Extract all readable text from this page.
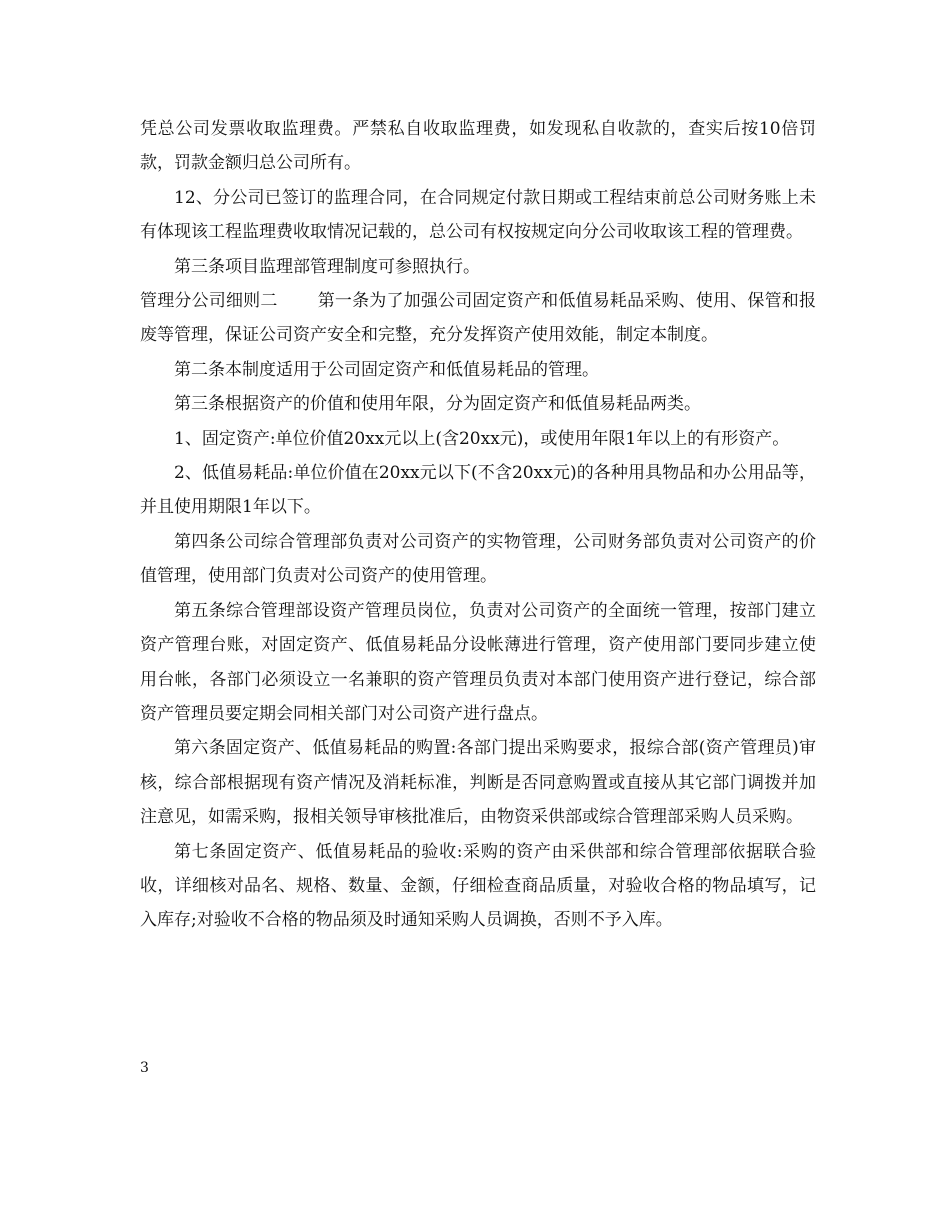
凭总公司发票收取监理费。严禁私自收取监理费，如发现私自收款的，查实后按10倍罚款，罚款金额归总公司所有。

12、分公司已签订的监理合同，在合同规定付款日期或工程结束前总公司财务账上未有体现该工程监理费收取情况记载的，总公司有权按规定向分公司收取该工程的管理费。

第三条项目监理部管理制度可参照执行。

管理分公司细则二 第一条为了加强公司固定资产和低值易耗品采购、使用、保管和报废等管理，保证公司资产安全和完整，充分发挥资产使用效能，制定本制度。

第二条本制度适用于公司固定资产和低值易耗品的管理。

第三条根据资产的价值和使用年限，分为固定资产和低值易耗品两类。

1、固定资产:单位价值20xx元以上(含20xx元)，或使用年限1年以上的有形资产。

2、低值易耗品:单位价值在20xx元以下(不含20xx元)的各种用具物品和办公用品等，并且使用期限1年以下。

第四条公司综合管理部负责对公司资产的实物管理，公司财务部负责对公司资产的价值管理，使用部门负责对公司资产的使用管理。

第五条综合管理部设资产管理员岗位，负责对公司资产的全面统一管理，按部门建立资产管理台账，对固定资产、低值易耗品分设帐薄进行管理，资产使用部门要同步建立使用台帐，各部门必须设立一名兼职的资产管理员负责对本部门使用资产进行登记，综合部资产管理员要定期会同相关部门对公司资产进行盘点。

第六条固定资产、低值易耗品的购置:各部门提出采购要求，报综合部(资产管理员)审核，综合部根据现有资产情况及消耗标准，判断是否同意购置或直接从其它部门调拨并加注意见，如需采购，报相关领导审核批准后，由物资采供部或综合管理部采购人员采购。

第七条固定资产、低值易耗品的验收:采购的资产由采供部和综合管理部依据联合验收，详细核对品名、规格、数量、金额，仔细检查商品质量，对验收合格的物品填写，记入库存;对验收不合格的物品须及时通知采购人员调换，否则不予入库。

3
